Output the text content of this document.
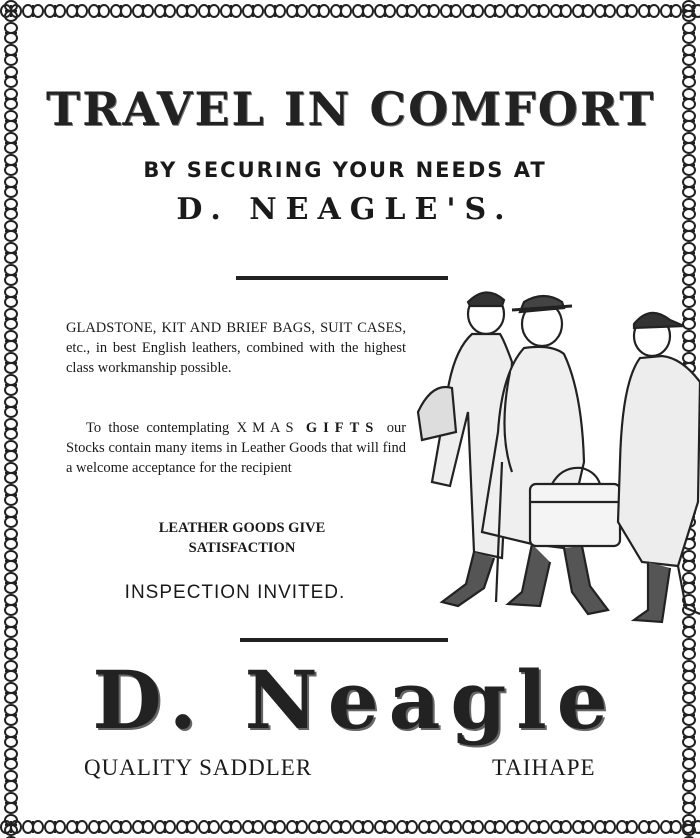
TRAVEL IN COMFORT
BY SECURING YOUR NEEDS AT
D. NEAGLE'S.
GLADSTONE, KIT AND BRIEF BAGS, SUIT CASES, etc., in best English leathers, combined with the highest class workmanship possible.
To those contemplating XMAS GIFTS our Stocks contain many items in Leather Goods that will find a welcome acceptance for the recipient
LEATHER GOODS GIVE
SATISFACTION
INSPECTION INVITED.
D. Neagle
QUALITY SADDLER	TAIHAPE
